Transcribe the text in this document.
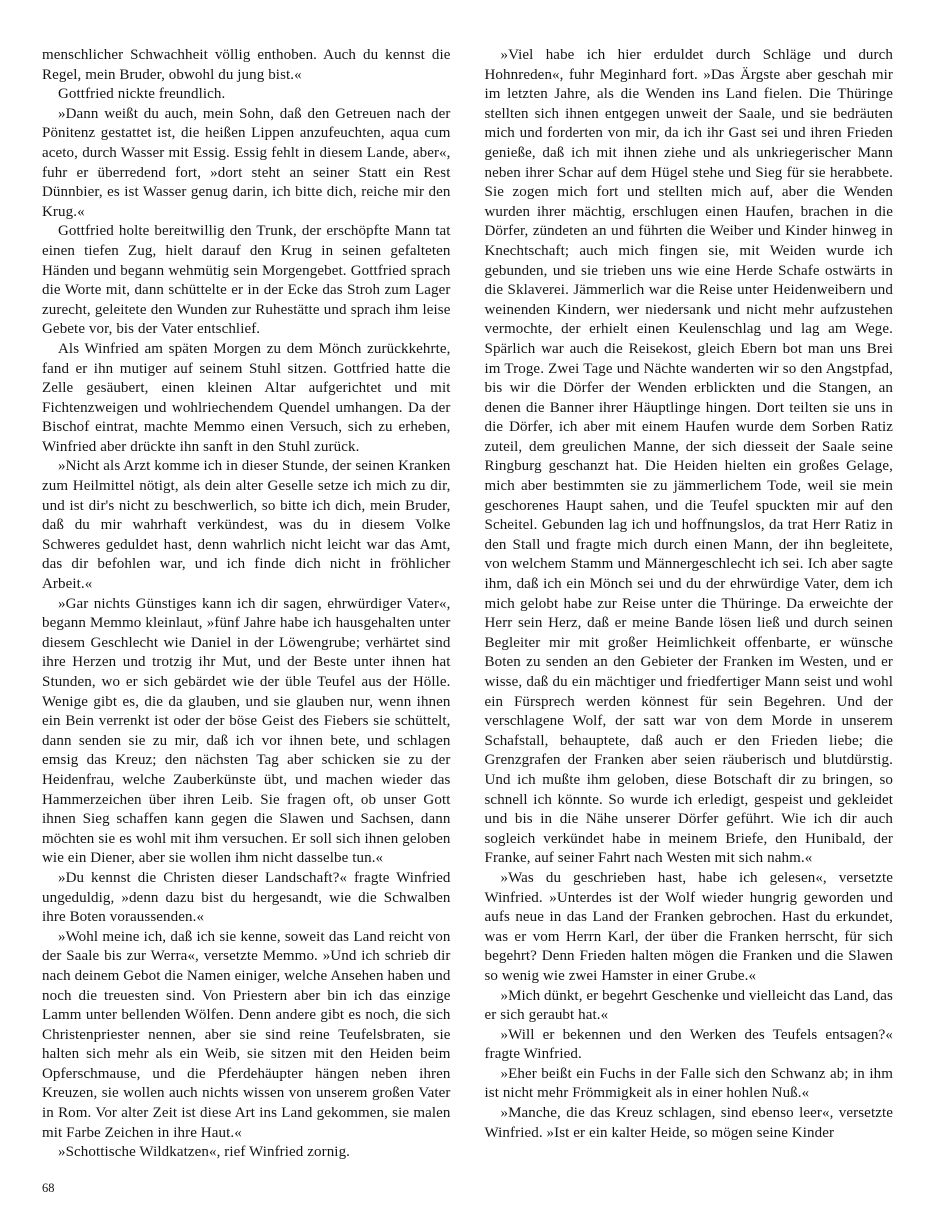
menschlicher Schwachheit völlig enthoben. Auch du kennst die Regel, mein Bruder, obwohl du jung bist.«

Gottfried nickte freundlich.

»Dann weißt du auch, mein Sohn, daß den Getreuen nach der Pönitenz gestattet ist, die heißen Lippen anzufeuchten, aqua cum aceto, durch Wasser mit Essig. Essig fehlt in diesem Lande, aber«, fuhr er überredend fort, »dort steht an seiner Statt ein Rest Dünnbier, es ist Wasser genug darin, ich bitte dich, reiche mir den Krug.«

Gottfried holte bereitwillig den Trunk, der erschöpfte Mann tat einen tiefen Zug, hielt darauf den Krug in seinen gefalteten Händen und begann wehmütig sein Morgengebet. Gottfried sprach die Worte mit, dann schüttelte er in der Ecke das Stroh zum Lager zurecht, geleitete den Wunden zur Ruhestätte und sprach ihm leise Gebete vor, bis der Vater entschlief.

Als Winfried am späten Morgen zu dem Mönch zurückkehrte, fand er ihn mutiger auf seinem Stuhl sitzen. Gottfried hatte die Zelle gesäubert, einen kleinen Altar aufgerichtet und mit Fichtenzweigen und wohlriechendem Quendel umhangen. Da der Bischof eintrat, machte Memmo einen Versuch, sich zu erheben, Winfried aber drückte ihn sanft in den Stuhl zurück.

»Nicht als Arzt komme ich in dieser Stunde, der seinen Kranken zum Heilmittel nötigt, als dein alter Geselle setze ich mich zu dir, und ist dir's nicht zu beschwerlich, so bitte ich dich, mein Bruder, daß du mir wahrhaft verkündest, was du in diesem Volke Schweres geduldet hast, denn wahrlich nicht leicht war das Amt, das dir befohlen war, und ich finde dich nicht in fröhlicher Arbeit.«

»Gar nichts Günstiges kann ich dir sagen, ehrwürdiger Vater«, begann Memmo kleinlaut, »fünf Jahre habe ich hausgehalten unter diesem Geschlecht wie Daniel in der Löwengrube; verhärtet sind ihre Herzen und trotzig ihr Mut, und der Beste unter ihnen hat Stunden, wo er sich gebärdet wie der üble Teufel aus der Hölle. Wenige gibt es, die da glauben, und sie glauben nur, wenn ihnen ein Bein verrenkt ist oder der böse Geist des Fiebers sie schüttelt, dann senden sie zu mir, daß ich vor ihnen bete, und schlagen emsig das Kreuz; den nächsten Tag aber schicken sie zu der Heidenfrau, welche Zauberkünste übt, und machen wieder das Hammerzeichen über ihren Leib. Sie fragen oft, ob unser Gott ihnen Sieg schaffen kann gegen die Slawen und Sachsen, dann möchten sie es wohl mit ihm versuchen. Er soll sich ihnen geloben wie ein Diener, aber sie wollen ihm nicht dasselbe tun.«

»Du kennst die Christen dieser Landschaft?« fragte Winfried ungeduldig, »denn dazu bist du hergesandt, wie die Schwalben ihre Boten voraussenden.«

»Wohl meine ich, daß ich sie kenne, soweit das Land reicht von der Saale bis zur Werra«, versetzte Memmo. »Und ich schrieb dir nach deinem Gebot die Namen einiger, welche Ansehen haben und noch die treuesten sind. Von Priestern aber bin ich das einzige Lamm unter bellenden Wölfen. Denn andere gibt es noch, die sich Christenpriester nennen, aber sie sind reine Teufelsbraten, sie halten sich mehr als ein Weib, sie sitzen mit den Heiden beim Opferschmause, und die Pferdehäupter hängen neben ihren Kreuzen, sie wollen auch nichts wissen von unserem großen Vater in Rom. Vor alter Zeit ist diese Art ins Land gekommen, sie malen mit Farbe Zeichen in ihre Haut.«

»Schottische Wildkatzen«, rief Winfried zornig.

»Viel habe ich hier erduldet durch Schläge und durch Hohnreden«, fuhr Meginhard fort. »Das Ärgste aber geschah mir im letzten Jahre, als die Wenden ins Land fielen. Die Thüringe stellten sich ihnen entgegen unweit der Saale, und sie bedräuten mich und forderten von mir, da ich ihr Gast sei und ihren Frieden genieße, daß ich mit ihnen ziehe und als unkriegerischer Mann neben ihrer Schar auf dem Hügel stehe und Sieg für sie herabbete. Sie zogen mich fort und stellten mich auf, aber die Wenden wurden ihrer mächtig, erschlugen einen Haufen, brachen in die Dörfer, zündeten an und führten die Weiber und Kinder hinweg in Knechtschaft; auch mich fingen sie, mit Weiden wurde ich gebunden, und sie trieben uns wie eine Herde Schafe ostwärts in die Sklaverei. Jämmerlich war die Reise unter Heidenweibern und weinenden Kindern, wer niedersank und nicht mehr aufzustehen vermochte, der erhielt einen Keulenschlag und lag am Wege. Spärlich war auch die Reisekost, gleich Ebern bot man uns Brei im Troge. Zwei Tage und Nächte wanderten wir so den Angstpfad, bis wir die Dörfer der Wenden erblickten und die Stangen, an denen die Banner ihrer Häuptlinge hingen. Dort teilten sie uns in die Dörfer, ich aber mit einem Haufen wurde dem Sorben Ratiz zuteil, dem greulichen Manne, der sich diesseit der Saale seine Ringburg geschanzt hat. Die Heiden hielten ein großes Gelage, mich aber bestimmten sie zu jämmerlichem Tode, weil sie mein geschorenes Haupt sahen, und die Teufel spuckten mir auf den Scheitel. Gebunden lag ich und hoffnungslos, da trat Herr Ratiz in den Stall und fragte mich durch einen Mann, der ihn begleitete, von welchem Stamm und Männergeschlecht ich sei. Ich aber sagte ihm, daß ich ein Mönch sei und du der ehrwürdige Vater, dem ich mich gelobt habe zur Reise unter die Thüringe. Da erweichte der Herr sein Herz, daß er meine Bande lösen ließ und durch seinen Begleiter mir mit großer Heimlichkeit offenbarte, er wünsche Boten zu senden an den Gebieter der Franken im Westen, und er wisse, daß du ein mächtiger und friedfertiger Mann seist und wohl ein Fürsprech werden könnest für sein Begehren. Und der verschlagene Wolf, der satt war von dem Morde in unserem Schafstall, behauptete, daß auch er den Frieden liebe; die Grenzgrafen der Franken aber seien räuberisch und blutdürstig. Und ich mußte ihm geloben, diese Botschaft dir zu bringen, so schnell ich könnte. So wurde ich erledigt, gespeist und gekleidet und bis in die Nähe unserer Dörfer geführt. Wie ich dir auch sogleich verkündet habe in meinem Briefe, den Hunibald, der Franke, auf seiner Fahrt nach Westen mit sich nahm.«

»Was du geschrieben hast, habe ich gelesen«, versetzte Winfried. »Unterdes ist der Wolf wieder hungrig geworden und aufs neue in das Land der Franken gebrochen. Hast du erkundet, was er vom Herrn Karl, der über die Franken herrscht, für sich begehrt? Denn Frieden halten mögen die Franken und die Slawen so wenig wie zwei Hamster in einer Grube.«

»Mich dünkt, er begehrt Geschenke und vielleicht das Land, das er sich geraubt hat.«

»Will er bekennen und den Werken des Teufels entsagen?« fragte Winfried.

»Eher beißt ein Fuchs in der Falle sich den Schwanz ab; in ihm ist nicht mehr Frömmigkeit als in einer hohlen Nuß.«

»Manche, die das Kreuz schlagen, sind ebenso leer«, versetzte Winfried. »Ist er ein kalter Heide, so mögen seine Kinder

68
